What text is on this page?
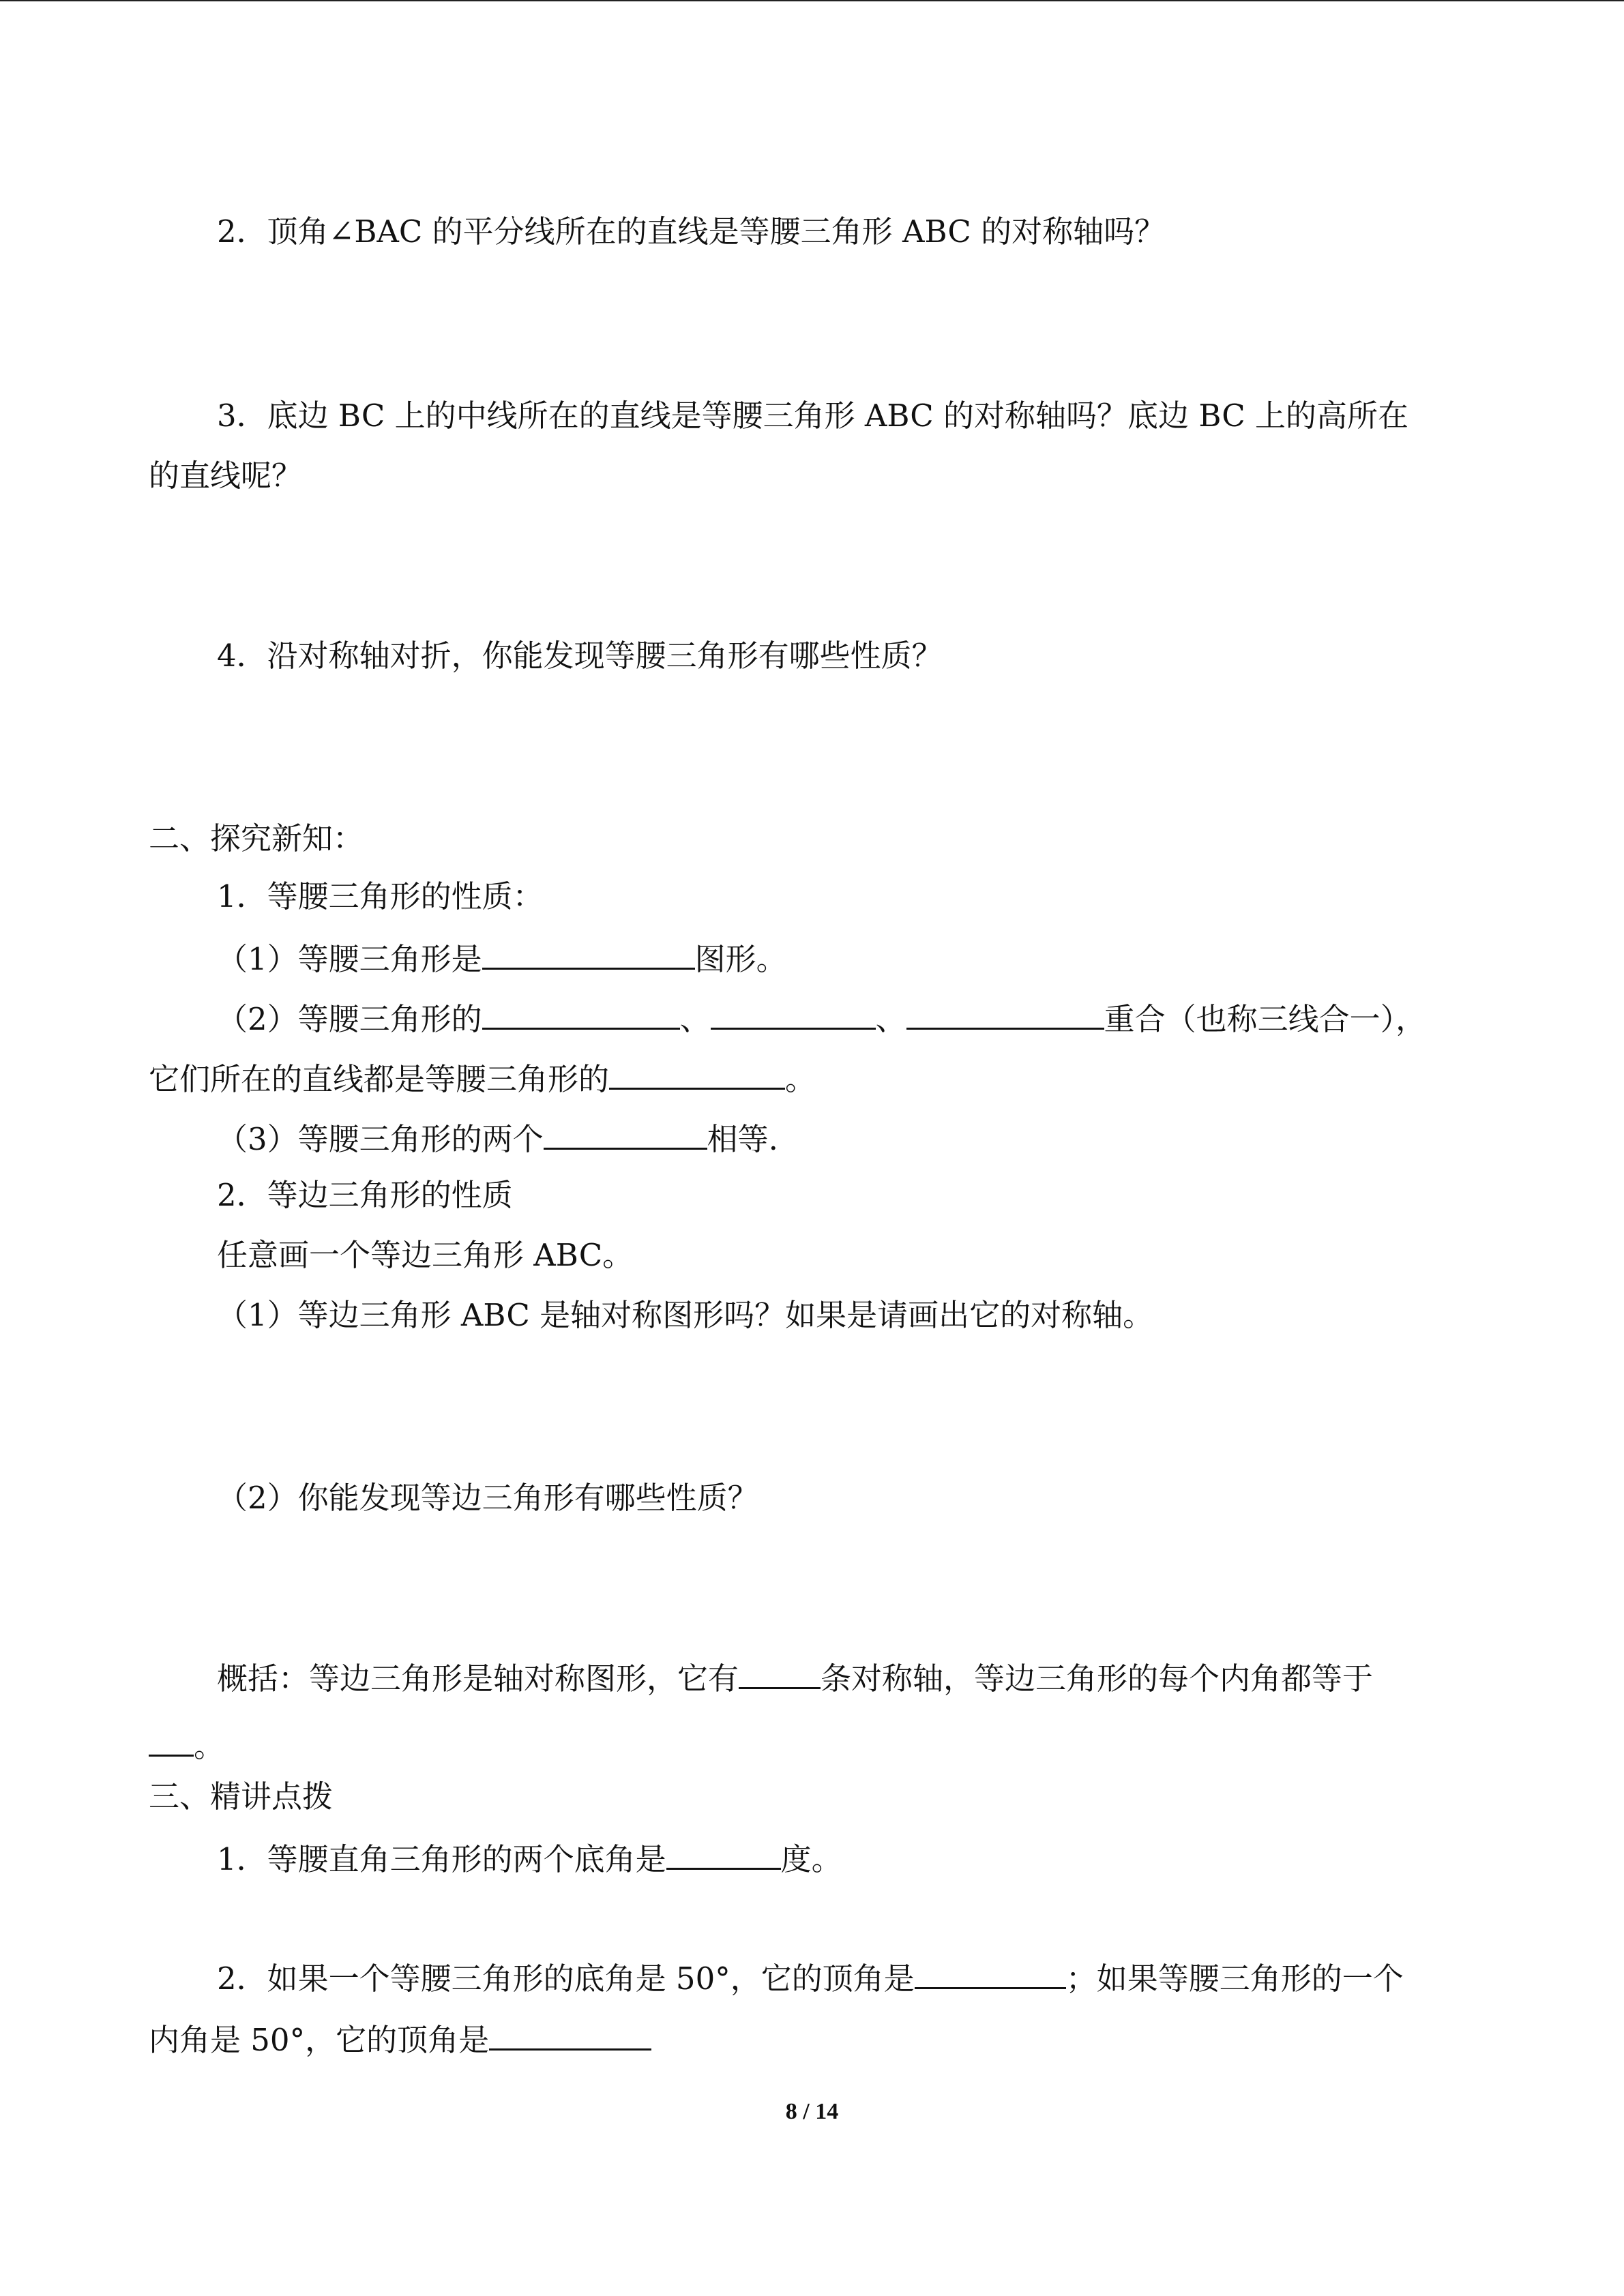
2．顶角∠BAC 的平分线所在的直线是等腰三角形 ABC 的对称轴吗？
3．底边 BC 上的中线所在的直线是等腰三角形 ABC 的对称轴吗？底边 BC 上的高所在
的直线呢？
4．沿对称轴对折，你能发现等腰三角形有哪些性质？
二、探究新知：
1．等腰三角形的性质：
（1）等腰三角形是	图形。
（2）等腰三角形的	、	、	重合（也称三线合一），
它们所在的直线都是等腰三角形的	。
（3）等腰三角形的两个	相等.
2．等边三角形的性质
任意画一个等边三角形 ABC。
（1）等边三角形 ABC 是轴对称图形吗？如果是请画出它的对称轴。
（2）你能发现等边三角形有哪些性质？
概括：等边三角形是轴对称图形，它有	条对称轴，等边三角形的每个内角都等于
。
三、精讲点拨
1．等腰直角三角形的两个底角是	度。
2．如果一个等腰三角形的底角是 50°，它的顶角是	；如果等腰三角形的一个
内角是 50°，它的顶角是
8 / 14
